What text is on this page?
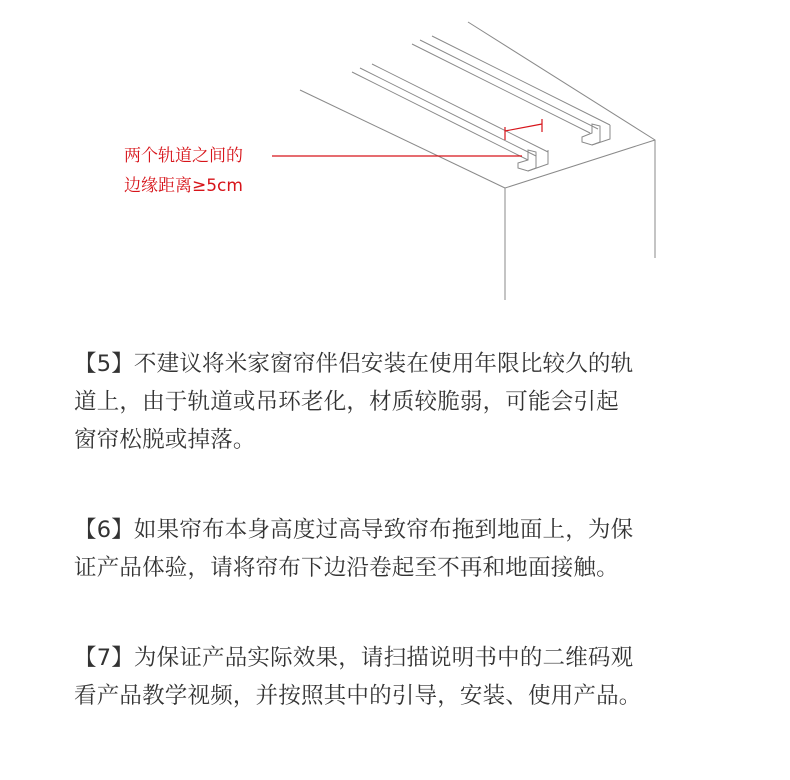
两个轨道之间的
边缘距离≥5cm

【5】不建议将米家窗帘伴侣安装在使用年限比较久的轨
道上，由于轨道或吊环老化，材质较脆弱，可能会引起
窗帘松脱或掉落。

【6】如果帘布本身高度过高导致帘布拖到地面上，为保
证产品体验，请将帘布下边沿卷起至不再和地面接触。

【7】为保证产品实际效果，请扫描说明书中的二维码观
看产品教学视频，并按照其中的引导，安装、使用产品。
